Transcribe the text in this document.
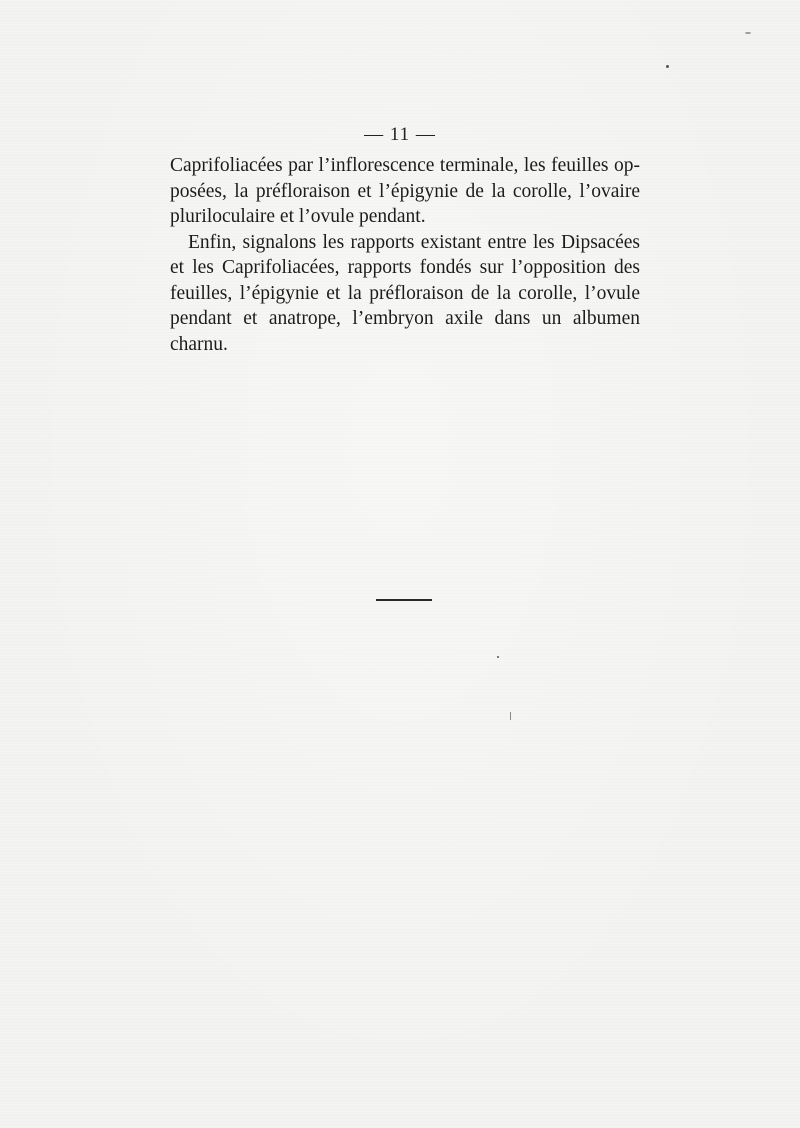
— 11 —
Caprifoliacées par l’inflorescence terminale, les feuilles op-
posées, la préfloraison et l’épigynie de la corolle, l’ovaire
pluriloculaire et l’ovule pendant.
Enfin, signalons les rapports existant entre les Dipsacées
et les Caprifoliacées, rapports fondés sur l’opposition des
feuilles, l’épigynie et la préfloraison de la corolle, l’ovule
pendant et anatrope, l’embryon axile dans un albumen
charnu.
